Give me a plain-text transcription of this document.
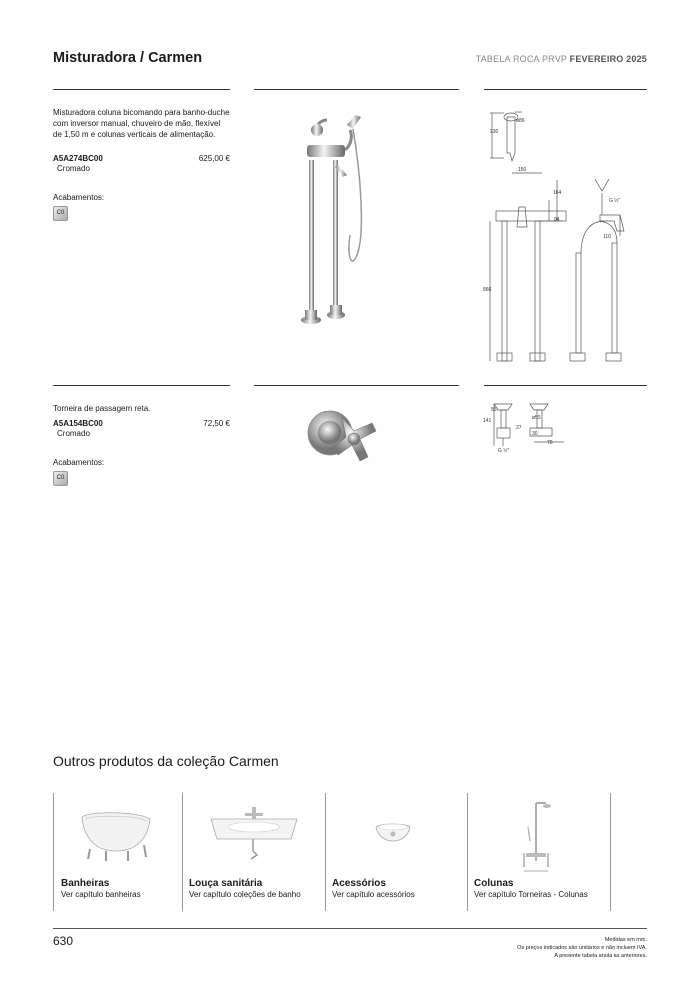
Misturadora / Carmen	TABELA ROCA PRVP FEVEREIRO 2025
Misturadora coluna bicomando para banho-duche com inversor manual, chuveiro de mão, flexível de 1,50 m e colunas verticais de alimentação.
A5A274BC00	625,00 €
Cromado
Acabamentos:
C0
230
ø86
150
164
94
866
110
G ½"
Torneira de passagem reta.
A5A154BC00	72,50 €
Cromado
Acabamentos:
C0
55
141
27
ø55
30
70
G ½"
Outros produtos da coleção Carmen
Banheiras
Ver capítulo banheiras
Louça sanitária
Ver capítulo coleções de banho
Acessórios
Ver capítulo acessórios
Colunas
Ver capítulo Torneiras - Colunas
630	Medidas em mm.
Os preços indicados são unitários e não incluem IVA.
A presente tabela anula as anteriores.
